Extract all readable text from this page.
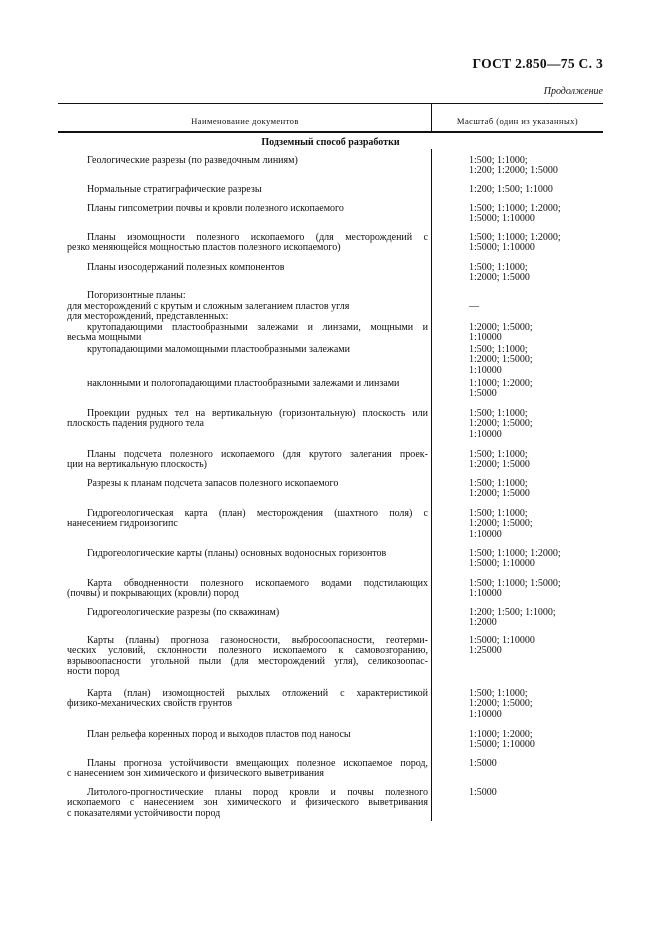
ГОСТ 2.850—75 С. 3
Продолжение
Наименование документов	Масштаб (один из указанных)
Подземный способ разработки
Геологические разрезы (по разведочным линиям)	1:500; 1:1000;
1:200; 1:2000; 1:5000
Нормальные стратиграфические разрезы	1:200; 1:500; 1:1000
Планы гипсометрии почвы и кровли полезного ископаемого	1:500; 1:1000; 1:2000;
1:5000; 1:10000
Планы изомощности полезного ископаемого (для месторождений с
резко меняющейся мощностью пластов полезного ископаемого)
1:500; 1:1000; 1:2000;
1:5000; 1:10000
Планы изосодержаний полезных компонентов	1:500; 1:1000;
1:2000; 1:5000
Погоризонтные планы:
для месторождений с крутым и сложным залеганием пластов угля	—
для месторождений, представленных:
крутопадающими пластообразными залежами и линзами, мощными и
весьма мощными
1:2000; 1:5000;
1:10000
крутопадающими маломощными пластообразными залежами	1:500; 1:1000;
1:2000; 1:5000;
1:10000
наклонными и пологопадающими пластообразными залежами и линзами	1:1000; 1:2000;
1:5000
Проекции рудных тел на вертикальную (горизонтальную) плоскость или
плоскость падения рудного тела
1:500; 1:1000;
1:2000; 1:5000;
1:10000
Планы подсчета полезного ископаемого (для крутого залегания проек-
ции на вертикальную плоскость)
1:500; 1:1000;
1:2000; 1:5000
Разрезы к планам подсчета запасов полезного ископаемого	1:500; 1:1000;
1:2000; 1:5000
Гидрогеологическая карта (план) месторождения (шахтного поля) с
нанесением гидроизогипс
1:500; 1:1000;
1:2000; 1:5000;
1:10000
Гидрогеологические карты (планы) основных водоносных горизонтов	1:500; 1:1000; 1:2000;
1:5000; 1:10000
Карта обводненности полезного ископаемого водами подстилающих
(почвы) и покрывающих (кровли) пород
1:500; 1:1000; 1:5000;
1:10000
Гидрогеологические разрезы (по скважинам)	1:200; 1:500; 1:1000;
1:2000
Карты (планы) прогноза газоносности, выбросоопасности, геотерми-
ческих условий, склонности полезного ископаемого к самовозгоранию,
взрывоопасности угольной пыли (для месторождений угля), селикозоопас-
ности пород
1:5000; 1:10000
1:25000
Карта (план) изомощностей рыхлых отложений с характеристикой
физико-механических свойств грунтов
1:500; 1:1000;
1:2000; 1:5000;
1:10000
План рельефа коренных пород и выходов пластов под наносы	1:1000; 1:2000;
1:5000; 1:10000
Планы прогноза устойчивости вмещающих полезное ископаемое пород,
с нанесением зон химического и физического выветривания
1:5000
Литолого-прогностические планы пород кровли и почвы полезного
ископаемого с нанесением зон химического и физического выветривания
с показателями устойчивости пород
1:5000
